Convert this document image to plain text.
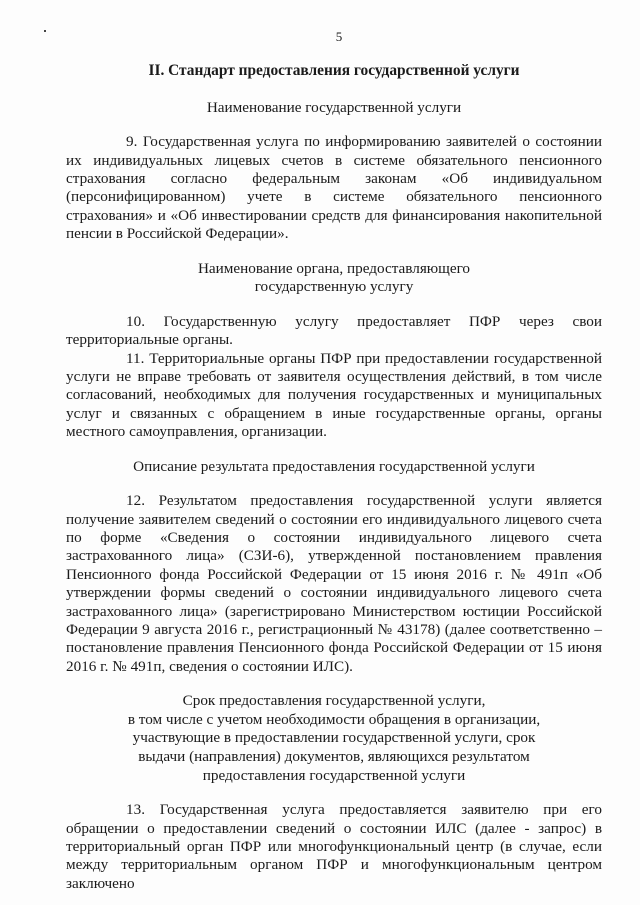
5
II. Стандарт предоставления государственной услуги
Наименование государственной услуги

9. Государственная услуга по информированию заявителей о состоянии их индивидуальных лицевых счетов в системе обязательного пенсионного страхования согласно федеральным законам «Об индивидуальном (персонифицированном) учете в системе обязательного пенсионного страхования» и «Об инвестировании средств для финансирования накопительной пенсии в Российской Федерации».

Наименование органа, предоставляющего
государственную услугу

10. Государственную услугу предоставляет ПФР через свои территориальные органы.

11. Территориальные органы ПФР при предоставлении государственной услуги не вправе требовать от заявителя осуществления действий, в том числе согласований, необходимых для получения государственных и муниципальных услуг и связанных с обращением в иные государственные органы, органы местного самоуправления, организации.

Описание результата предоставления государственной услуги

12. Результатом предоставления государственной услуги является получение заявителем сведений о состоянии его индивидуального лицевого счета по форме «Сведения о состоянии индивидуального лицевого счета застрахованного лица» (СЗИ-6), утвержденной постановлением правления Пенсионного фонда Российской Федерации от 15 июня 2016 г. № 491п «Об утверждении формы сведений о состоянии индивидуального лицевого счета застрахованного лица» (зарегистрировано Министерством юстиции Российской Федерации 9 августа 2016 г., регистрационный № 43178) (далее соответственно – постановление правления Пенсионного фонда Российской Федерации от 15 июня 2016 г. № 491п, сведения о состоянии ИЛС).

Срок предоставления государственной услуги,
в том числе с учетом необходимости обращения в организации,
участвующие в предоставлении государственной услуги, срок
выдачи (направления) документов, являющихся результатом
предоставления государственной услуги

13. Государственная услуга предоставляется заявителю при его обращении о предоставлении сведений о состоянии ИЛС (далее - запрос) в территориальный орган ПФР или многофункциональный центр (в случае, если между территориальным органом ПФР и многофункциональным центром заключено
